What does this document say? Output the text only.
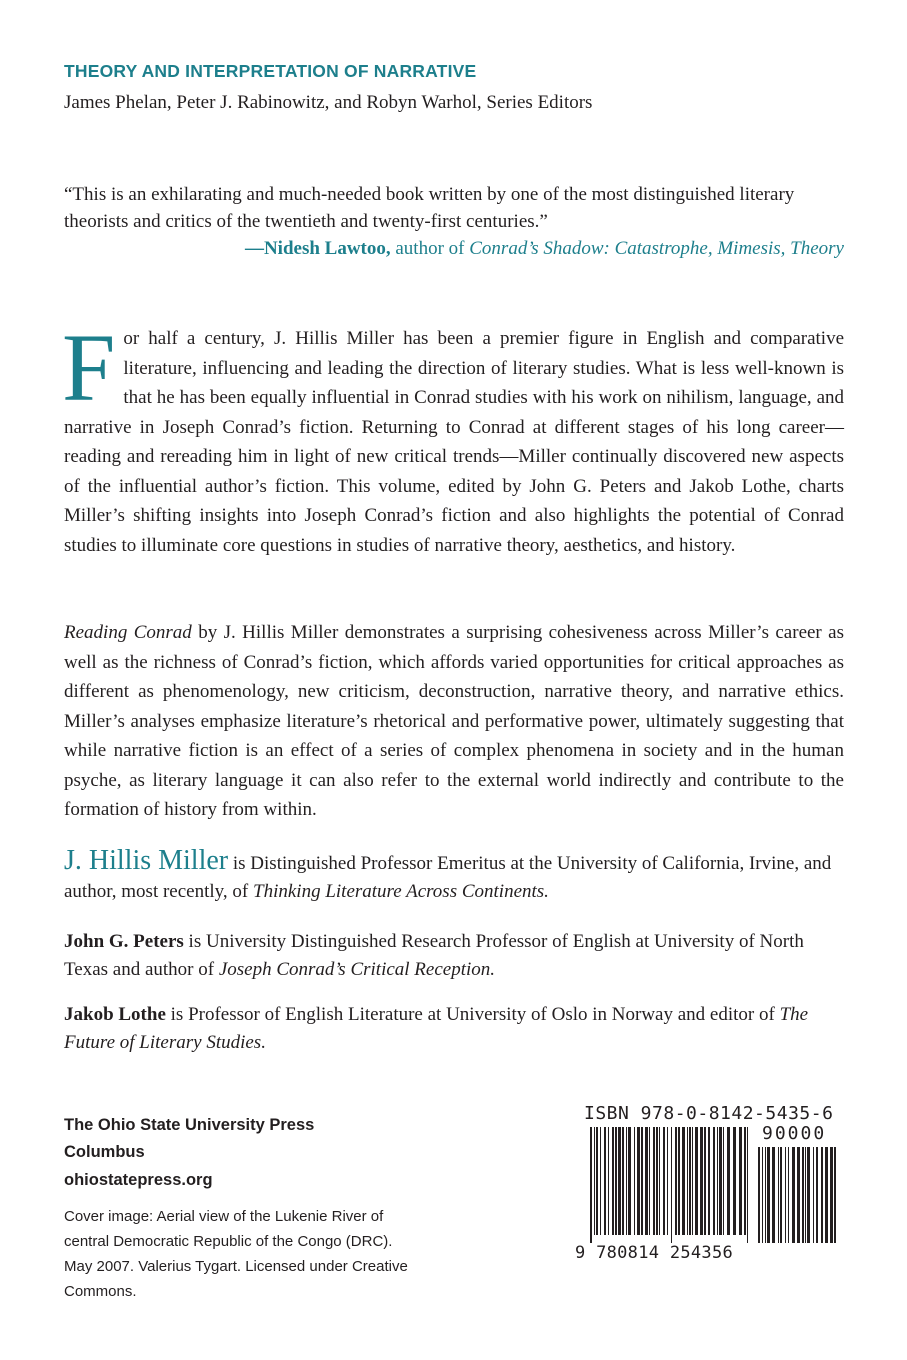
THEORY AND INTERPRETATION OF NARRATIVE
James Phelan, Peter J. Rabinowitz, and Robyn Warhol, Series Editors
“This is an exhilarating and much-needed book written by one of the most distinguished literary theorists and critics of the twentieth and twenty-first centuries.”
—Nidesh Lawtoo, author of Conrad’s Shadow: Catastrophe, Mimesis, Theory
For half a century, J. Hillis Miller has been a premier figure in English and comparative literature, influencing and leading the direction of literary studies. What is less well-known is that he has been equally influential in Conrad studies with his work on nihilism, language, and narrative in Joseph Conrad’s fiction. Returning to Conrad at different stages of his long career—reading and rereading him in light of new critical trends—Miller continually discovered new aspects of the influential author’s fiction. This volume, edited by John G. Peters and Jakob Lothe, charts Miller’s shifting insights into Joseph Conrad’s fiction and also highlights the potential of Conrad studies to illuminate core questions in studies of narrative theory, aesthetics, and history.
Reading Conrad by J. Hillis Miller demonstrates a surprising cohesiveness across Miller’s career as well as the richness of Conrad’s fiction, which affords varied opportunities for critical approaches as different as phenomenology, new criticism, deconstruction, narrative theory, and narrative ethics. Miller’s analyses emphasize literature’s rhetorical and performative power, ultimately suggesting that while narrative fiction is an effect of a series of complex phenomena in society and in the human psyche, as literary language it can also refer to the external world indirectly and contribute to the formation of history from within.
J. Hillis Miller is Distinguished Professor Emeritus at the University of California, Irvine, and author, most recently, of Thinking Literature Across Continents.
John G. Peters is University Distinguished Research Professor of English at University of North Texas and author of Joseph Conrad’s Critical Reception.
Jakob Lothe is Professor of English Literature at University of Oslo in Norway and editor of The Future of Literary Studies.
The Ohio State University Press
Columbus
ohiostatepress.org
Cover image: Aerial view of the Lukenie River of central Democratic Republic of the Congo (DRC). May 2007. Valerius Tygart. Licensed under Creative Commons.
ISBN 978-0-8142-5435-6
90000
9 780814 254356
